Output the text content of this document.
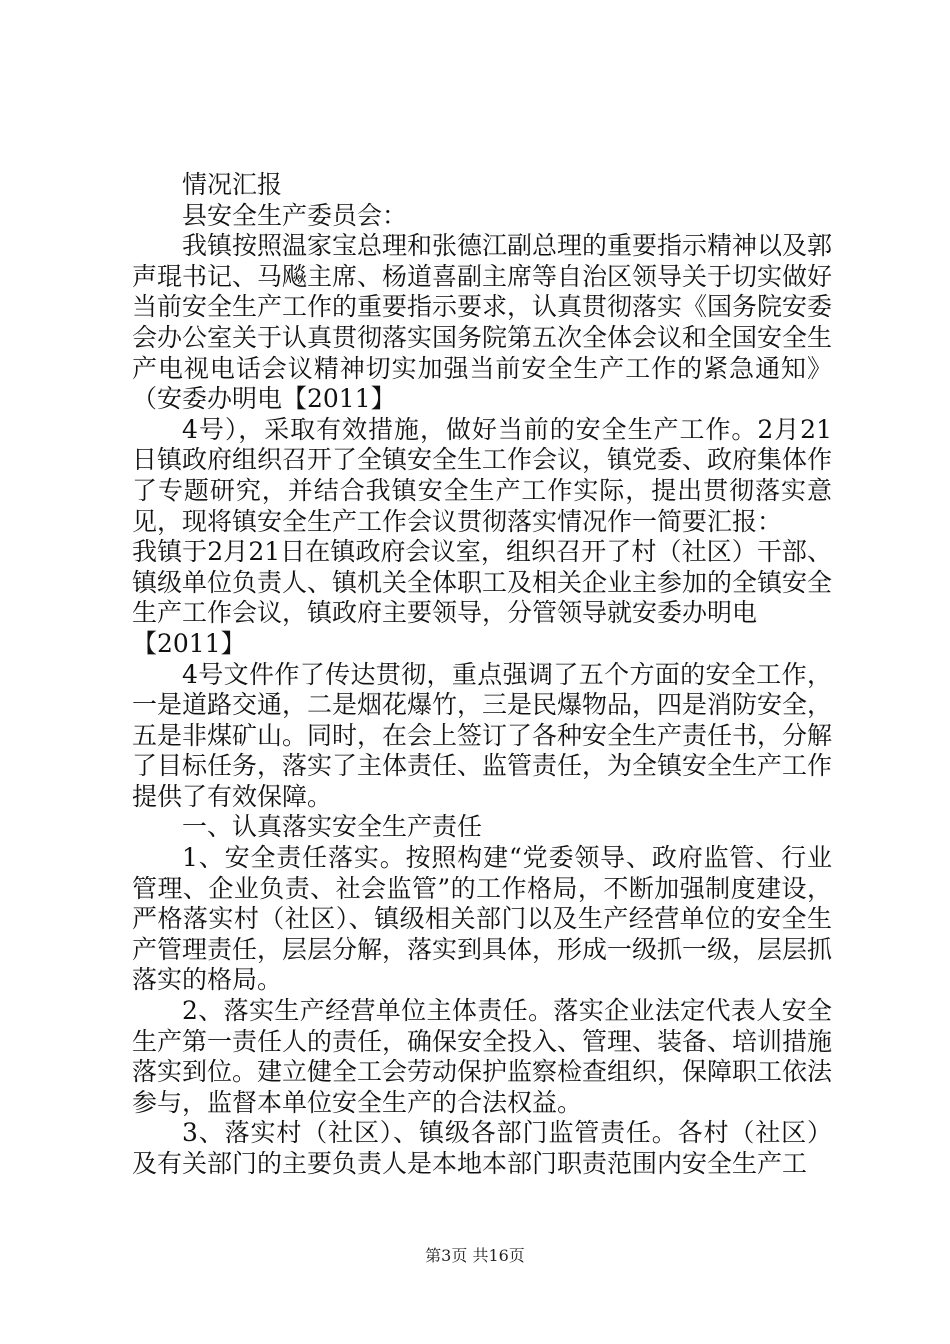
情况汇报

县安全生产委员会：

我镇按照温家宝总理和张德江副总理的重要指示精神以及郭声琨书记、马飚主席、杨道喜副主席等自治区领导关于切实做好当前安全生产工作的重要指示要求，认真贯彻落实《国务院安委会办公室关于认真贯彻落实国务院第五次全体会议和全国安全生产电视电话会议精神切实加强当前安全生产工作的紧急通知》（安委办明电【2011】

4号），采取有效措施，做好当前的安全生产工作。2月21日镇政府组织召开了全镇安全生工作会议，镇党委、政府集体作了专题研究，并结合我镇安全生产工作实际，提出贯彻落实意见，现将镇安全生产工作会议贯彻落实情况作一简要汇报：

我镇于2月21日在镇政府会议室，组织召开了村（社区）干部、镇级单位负责人、镇机关全体职工及相关企业主参加的全镇安全生产工作会议，镇政府主要领导，分管领导就安委办明电

【2011】

4号文件作了传达贯彻，重点强调了五个方面的安全工作，一是道路交通，二是烟花爆竹，三是民爆物品，四是消防安全，五是非煤矿山。同时，在会上签订了各种安全生产责任书，分解了目标任务，落实了主体责任、监管责任，为全镇安全生产工作提供了有效保障。

一、认真落实安全生产责任

1、安全责任落实。按照构建“党委领导、政府监管、行业管理、企业负责、社会监管”的工作格局，不断加强制度建设，严格落实村（社区）、镇级相关部门以及生产经营单位的安全生产管理责任，层层分解，落实到具体，形成一级抓一级，层层抓落实的格局。

2、落实生产经营单位主体责任。落实企业法定代表人安全生产第一责任人的责任，确保安全投入、管理、装备、培训措施落实到位。建立健全工会劳动保护监察检查组织，保障职工依法参与，监督本单位安全生产的合法权益。

3、落实村（社区）、镇级各部门监管责任。各村（社区）及有关部门的主要负责人是本地本部门职责范围内安全生产工

第3页 共16页
